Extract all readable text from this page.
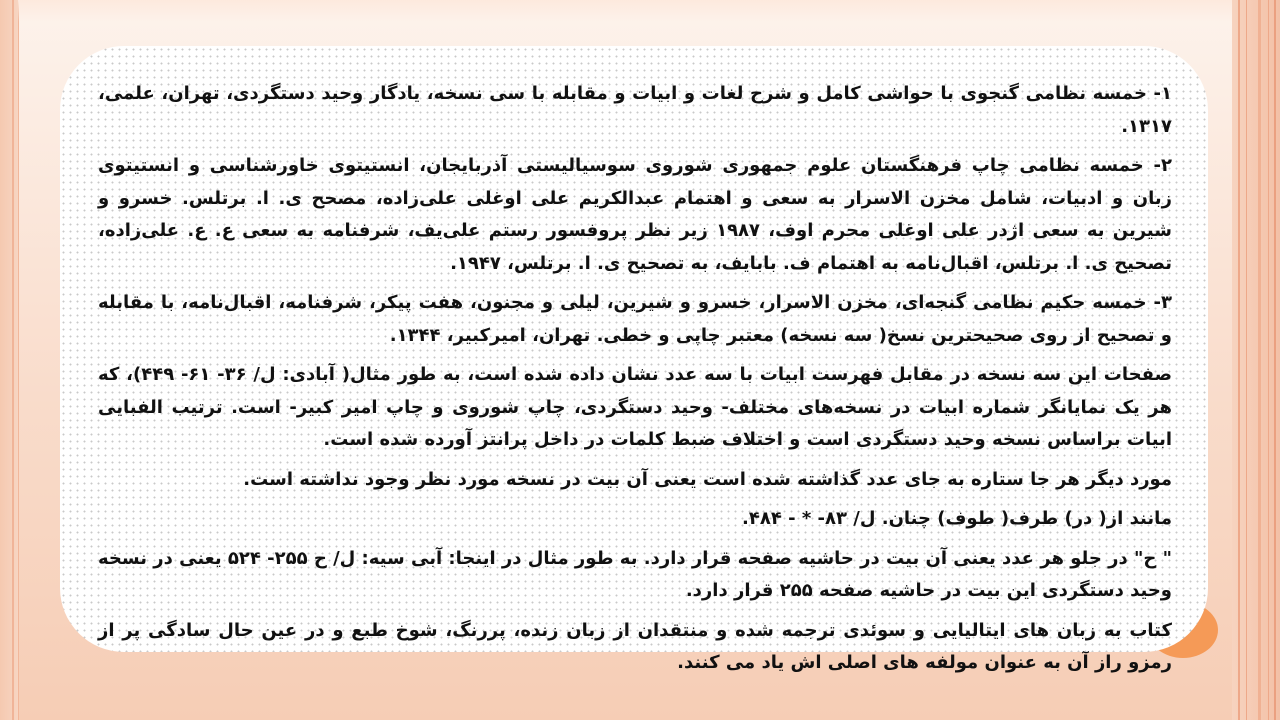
۱- خمسه نظامی گنجوی با حواشی کامل و شرح لغات و ابیات و مقابله با سی نسخه، یادگار وحید دستگردی، تهران، علمی، ۱۳۱۷.

۲- خمسه نظامی چاپ فرهنگستان علوم جمهوری شوروی سوسیالیستی آذربایجان، انستیتوی خاورشناسی و انستیتوی زبان و ادبیات، شامل مخزن الاسرار به سعی و اهتمام عبدالکریم علی اوغلی علی‌زاده، مصحح ی. ا. برتلس. خسرو و شیرین به سعی اژدر علی اوغلی محرم اوف، ۱۹۸۷ زیر نظر پروفسور رستم علی‌یف، شرفنامه به سعی ع. ع. علی‌زاده، تصحیح ی. ا. برتلس، اقبال‌نامه به اهتمام ف. بابایف، به تصحیح ی. ا. برتلس، ۱۹۴۷.

۳- خمسه حکیم نظامی گنجه‌ای، مخزن الاسرار، خسرو و شیرین، لیلی و مجنون، هفت پیکر، شرفنامه، اقبال‌نامه، با مقابله و تصحیح از روی صحیحترین نسخ( سه نسخه) معتبر چاپی و خطی. تهران، امیرکبیر، ۱۳۴۴.

صفحات این سه نسخه در مقابل فهرست ابیات با سه عدد نشان داده شده است، به طور مثال( آبادی: ل/ ۳۶- ۶۱- ۴۴۹)، که هر یک نمایانگر شماره ابیات در نسخه‌های مختلف- وحید دستگردی، چاپ شوروی و چاپ امیر کبیر- است. ترتیب الفبایی ابیات براساس نسخه وحید دستگردی است و اختلاف ضبط کلمات در داخل پرانتز آورده شده است.

مورد دیگر هر جا ستاره به جای عدد گذاشته شده است یعنی آن بیت در نسخه مورد نظر وجود نداشته است.

مانند از( در) طرف( طوف) چنان. ل/ ۸۳- * - ۴۸۴.

" ح" در جلو هر عدد یعنی آن بیت در حاشیه صفحه قرار دارد. به طور مثال در اینجا: آبی سیه: ل/ ح ۲۵۵- ۵۲۴ یعنی در نسخه وحید دستگردی این بیت در حاشیه صفحه ۲۵۵ قرار دارد.

کتاب به زبان های ایتالیایی و سوئدی ترجمه شده و منتقدان از زبان زنده، پررنگ، شوخ طبع و در عین حال سادگی پر از رمزو راز آن به عنوان مولفه های اصلی اش یاد می کنند.
